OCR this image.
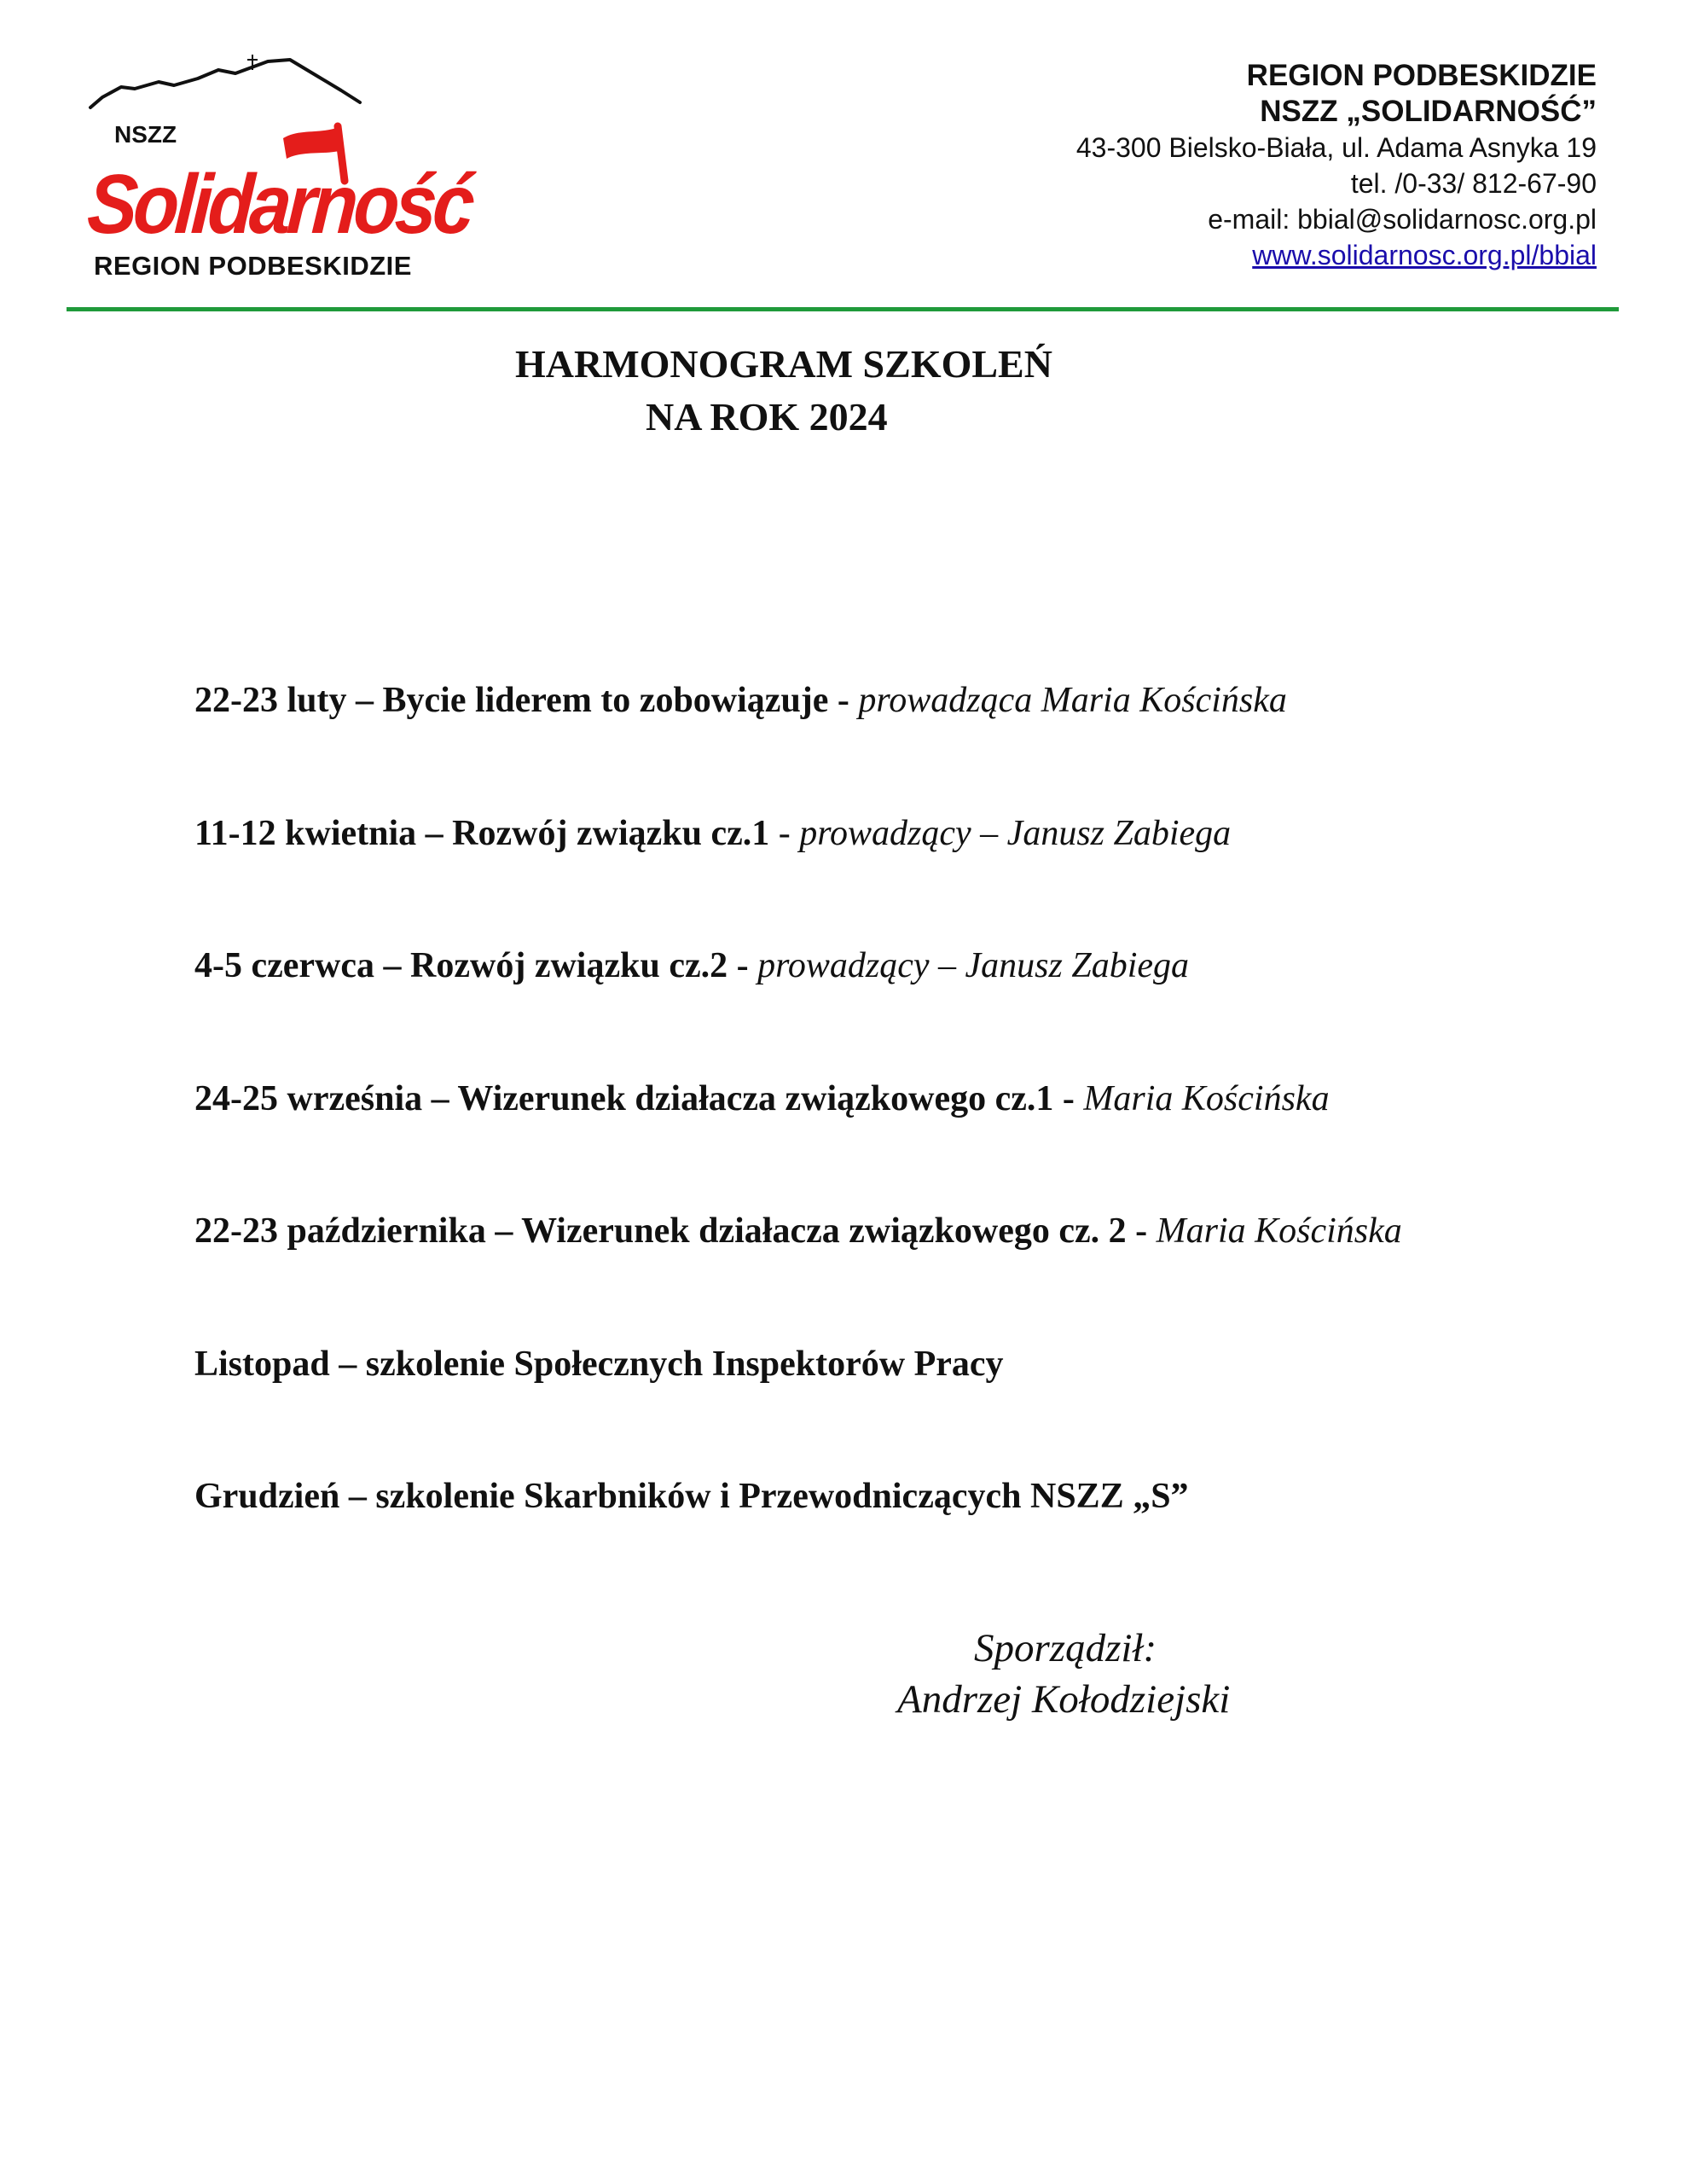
NSZZ
Solidarność
REGION PODBESKIDZIE
REGION PODBESKIDZIE
NSZZ „SOLIDARNOŚĆ”
43-300 Bielsko-Biała, ul. Adama Asnyka 19
tel. /0-33/ 812-67-90
e-mail: bbial@solidarnosc.org.pl
www.solidarnosc.org.pl/bbial
HARMONOGRAM SZKOLEŃ
NA ROK 2024
22-23 luty – Bycie liderem to zobowiązuje - prowadząca Maria Kościńska
11-12 kwietnia – Rozwój związku cz.1 - prowadzący – Janusz Zabiega
4-5 czerwca – Rozwój związku cz.2 - prowadzący – Janusz Zabiega
24-25 września – Wizerunek działacza związkowego cz.1 - Maria Kościńska
22-23 października – Wizerunek działacza związkowego cz. 2 - Maria Kościńska
Listopad – szkolenie Społecznych Inspektorów Pracy
Grudzień – szkolenie Skarbników i Przewodniczących NSZZ „S”
Sporządził:
Andrzej Kołodziejski
